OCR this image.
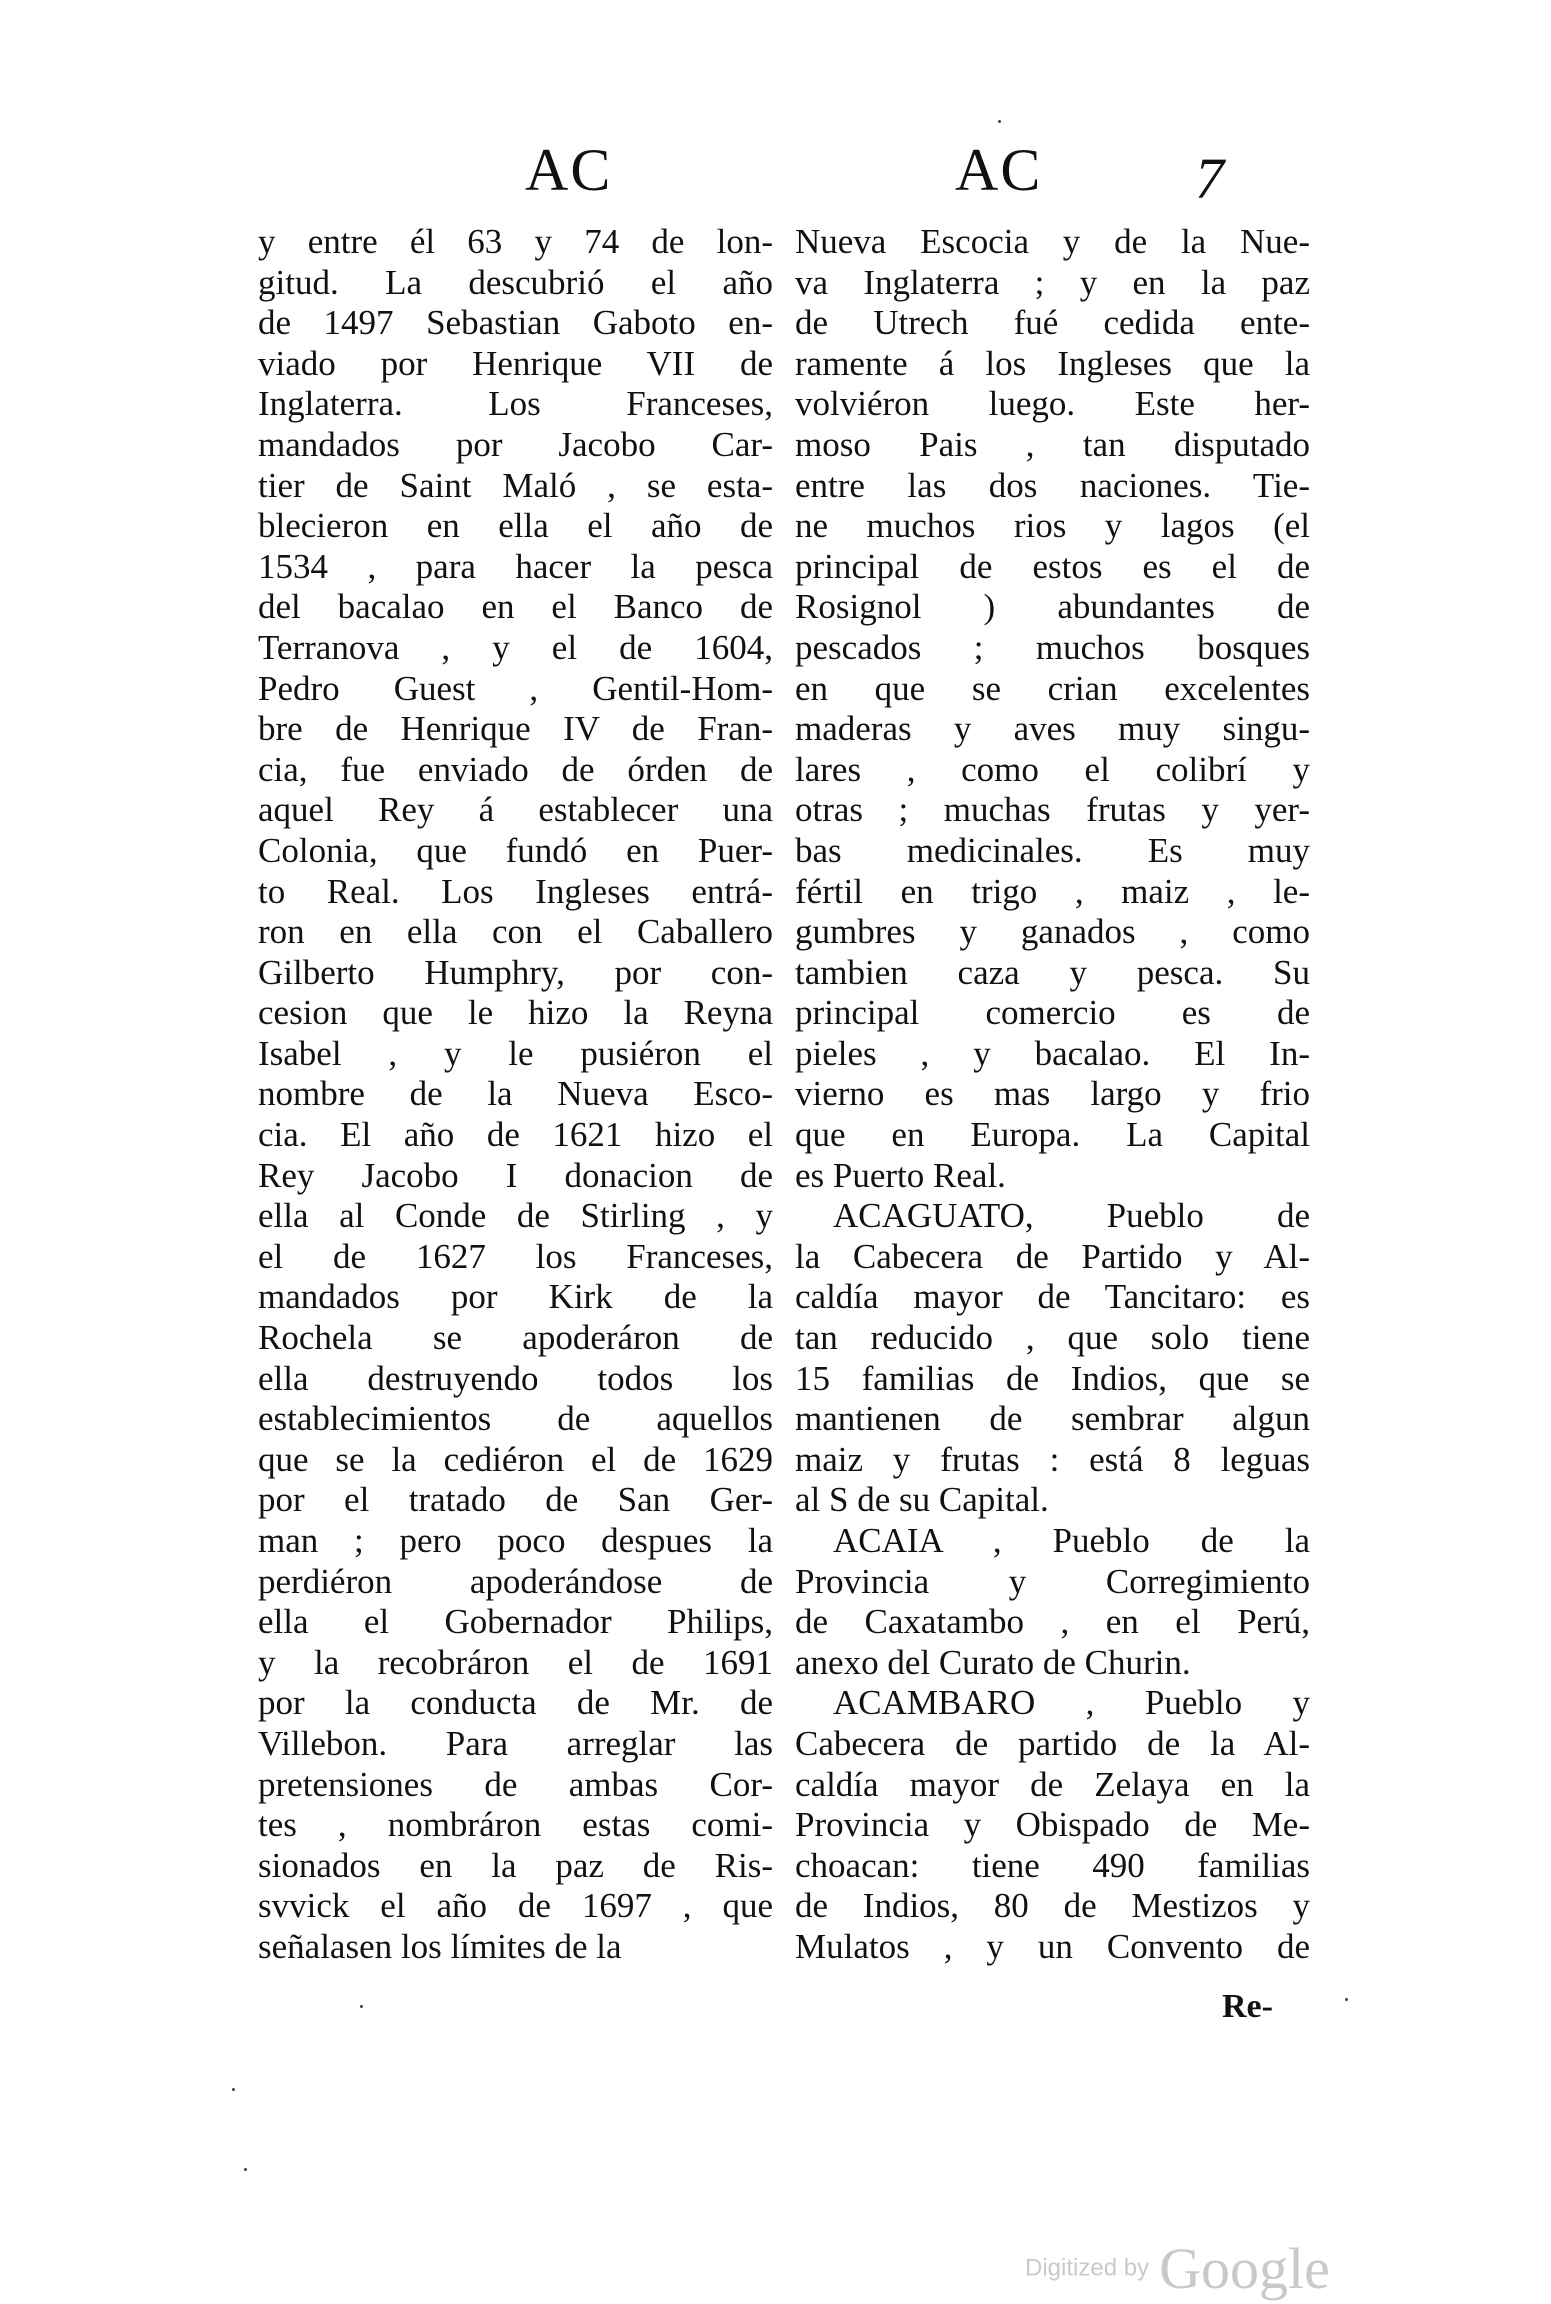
AC	AC	7
y entre él 63 y 74 de lon-
gitud. La descubrió el año
de 1497 Sebastian Gaboto en-
viado por Henrique VII de
Inglaterra. Los Franceses,
mandados por Jacobo Car-
tier de Saint Maló , se esta-
blecieron en ella el año de
1534 , para hacer la pesca
del bacalao en el Banco de
Terranova , y el de 1604,
Pedro Guest , Gentil-Hom-
bre de Henrique IV de Fran-
cia, fue enviado de órden de
aquel Rey á establecer una
Colonia, que fundó en Puer-
to Real. Los Ingleses entrá-
ron en ella con el Caballero
Gilberto Humphry, por con-
cesion que le hizo la Reyna
Isabel , y le pusiéron el
nombre de la Nueva Esco-
cia. El año de 1621 hizo el
Rey Jacobo I donacion de
ella al Conde de Stirling , y
el de 1627 los Franceses,
mandados por Kirk de la
Rochela se apoderáron de
ella destruyendo todos los
establecimientos de aquellos
que se la cediéron el de 1629
por el tratado de San Ger-
man ; pero poco despues la
perdiéron apoderándose de
ella el Gobernador Philips,
y la recobráron el de 1691
por la conducta de Mr. de
Villebon. Para arreglar las
pretensiones de ambas Cor-
tes , nombráron estas comi-
sionados en la paz de Ris-
svvick el año de 1697 , que
señalasen los límites de la
Nueva Escocia y de la Nue-
va Inglaterra ; y en la paz
de Utrech fué cedida ente-
ramente á los Ingleses que la
volviéron luego. Este her-
moso Pais , tan disputado
entre las dos naciones. Tie-
ne muchos rios y lagos (el
principal de estos es el de
Rosignol ) abundantes de
pescados ; muchos bosques
en que se crian excelentes
maderas y aves muy singu-
lares , como el colibrí y
otras ; muchas frutas y yer-
bas medicinales. Es muy
fértil en trigo , maiz , le-
gumbres y ganados , como
tambien caza y pesca. Su
principal comercio es de
pieles , y bacalao. El In-
vierno es mas largo y frio
que en Europa. La Capital
es Puerto Real.
ACAGUATO, Pueblo de
la Cabecera de Partido y Al-
caldía mayor de Tancitaro: es
tan reducido , que solo tiene
15 familias de Indios, que se
mantienen de sembrar algun
maiz y frutas : está 8 leguas
al S de su Capital.
ACAIA , Pueblo de la
Provincia y Corregimiento
de Caxatambo , en el Perú,
anexo del Curato de Churin.
ACAMBARO , Pueblo y
Cabecera de partido de la Al-
caldía mayor de Zelaya en la
Provincia y Obispado de Me-
choacan: tiene 490 familias
de Indios, 80 de Mestizos y
Mulatos , y un Convento de
Re-
Digitized by Google
